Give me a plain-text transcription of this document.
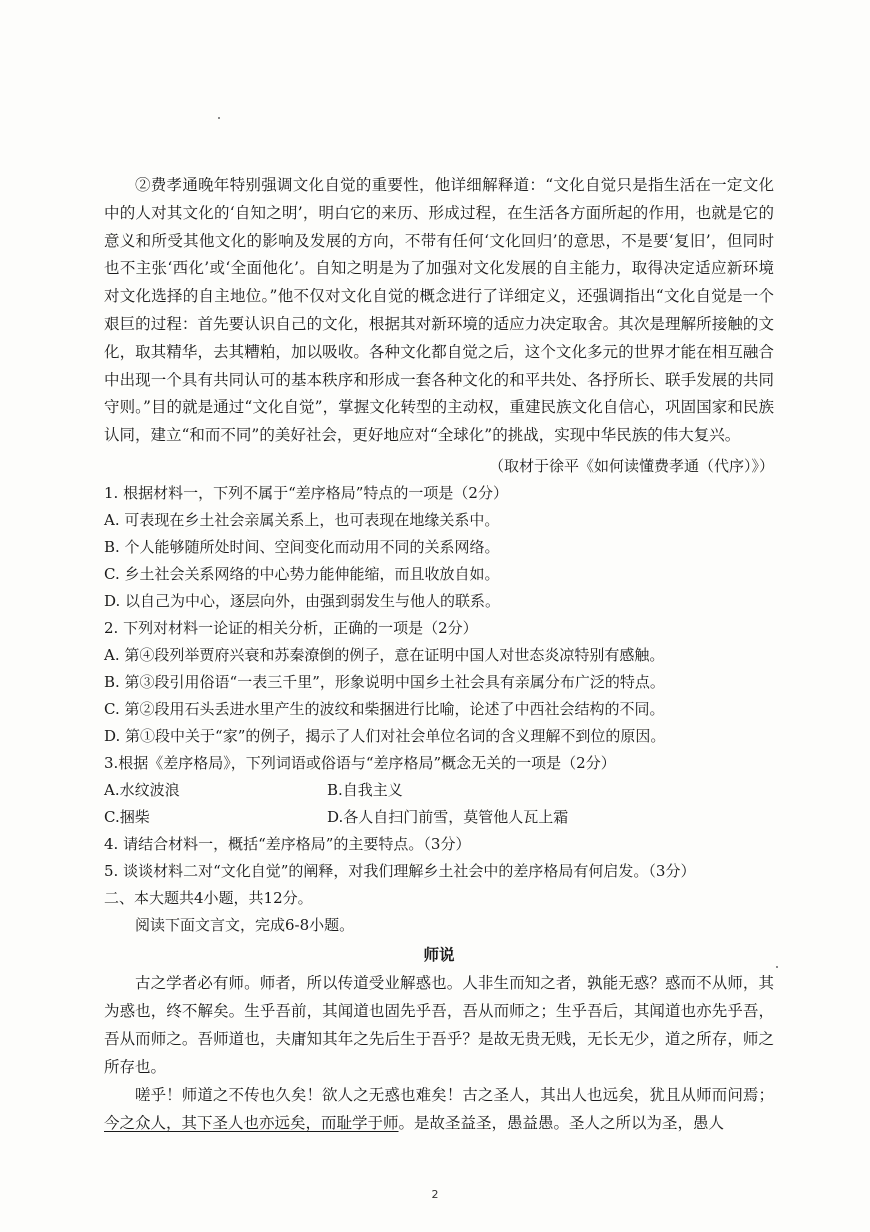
②费孝通晚年特别强调文化自觉的重要性，他详细解释道：“文化自觉只是指生活在一定文化中的人对其文化的‘自知之明’，明白它的来历、形成过程，在生活各方面所起的作用，也就是它的意义和所受其他文化的影响及发展的方向，不带有任何‘文化回归’的意思，不是要‘复旧’，但同时也不主张‘西化’或‘全面他化’。自知之明是为了加强对文化发展的自主能力，取得决定适应新环境对文化选择的自主地位。”他不仅对文化自觉的概念进行了详细定义，还强调指出“文化自觉是一个艰巨的过程：首先要认识自己的文化，根据其对新环境的适应力决定取舍。其次是理解所接触的文化，取其精华，去其糟粕，加以吸收。各种文化都自觉之后，这个文化多元的世界才能在相互融合中出现一个具有共同认可的基本秩序和形成一套各种文化的和平共处、各抒所长、联手发展的共同守则。”目的就是通过“文化自觉”，掌握文化转型的主动权，重建民族文化自信心，巩固国家和民族认同，建立“和而不同”的美好社会，更好地应对“全球化”的挑战，实现中华民族的伟大复兴。

（取材于徐平《如何读懂费孝通（代序）》）

1. 根据材料一，下列不属于“差序格局”特点的一项是（2分）

A. 可表现在乡土社会亲属关系上，也可表现在地缘关系中。

B. 个人能够随所处时间、空间变化而动用不同的关系网络。

C. 乡土社会关系网络的中心势力能伸能缩，而且收放自如。

D. 以自己为中心，逐层向外，由强到弱发生与他人的联系。

2. 下列对材料一论证的相关分析，正确的一项是（2分）

A. 第④段列举贾府兴衰和苏秦潦倒的例子，意在证明中国人对世态炎凉特别有感触。

B. 第③段引用俗语“一表三千里”，形象说明中国乡土社会具有亲属分布广泛的特点。

C. 第②段用石头丢进水里产生的波纹和柴捆进行比喻，论述了中西社会结构的不同。

D. 第①段中关于“家”的例子，揭示了人们对社会单位名词的含义理解不到位的原因。

3.根据《差序格局》，下列词语或俗语与“差序格局”概念无关的一项是（2分）

A.水纹波浪	B.自我主义
C.捆柴	D.各人自扫门前雪，莫管他人瓦上霜

4. 请结合材料一，概括“差序格局”的主要特点。（3分）

5. 谈谈材料二对“文化自觉”的阐释，对我们理解乡土社会中的差序格局有何启发。（3分）

二、本大题共4小题，共12分。

阅读下面文言文，完成6-8小题。

师说

古之学者必有师。师者，所以传道受业解惑也。人非生而知之者，孰能无惑？惑而不从师，其为惑也，终不解矣。生乎吾前，其闻道也固先乎吾，吾从而师之；生乎吾后，其闻道也亦先乎吾，吾从而师之。吾师道也，夫庸知其年之先后生于吾乎？是故无贵无贱，无长无少，道之所存，师之所存也。

嗟乎！师道之不传也久矣！欲人之无惑也难矣！古之圣人，其出人也远矣，犹且从师而问焉；今之众人，其下圣人也亦远矣，而耻学于师。是故圣益圣，愚益愚。圣人之所以为圣，愚人

2
